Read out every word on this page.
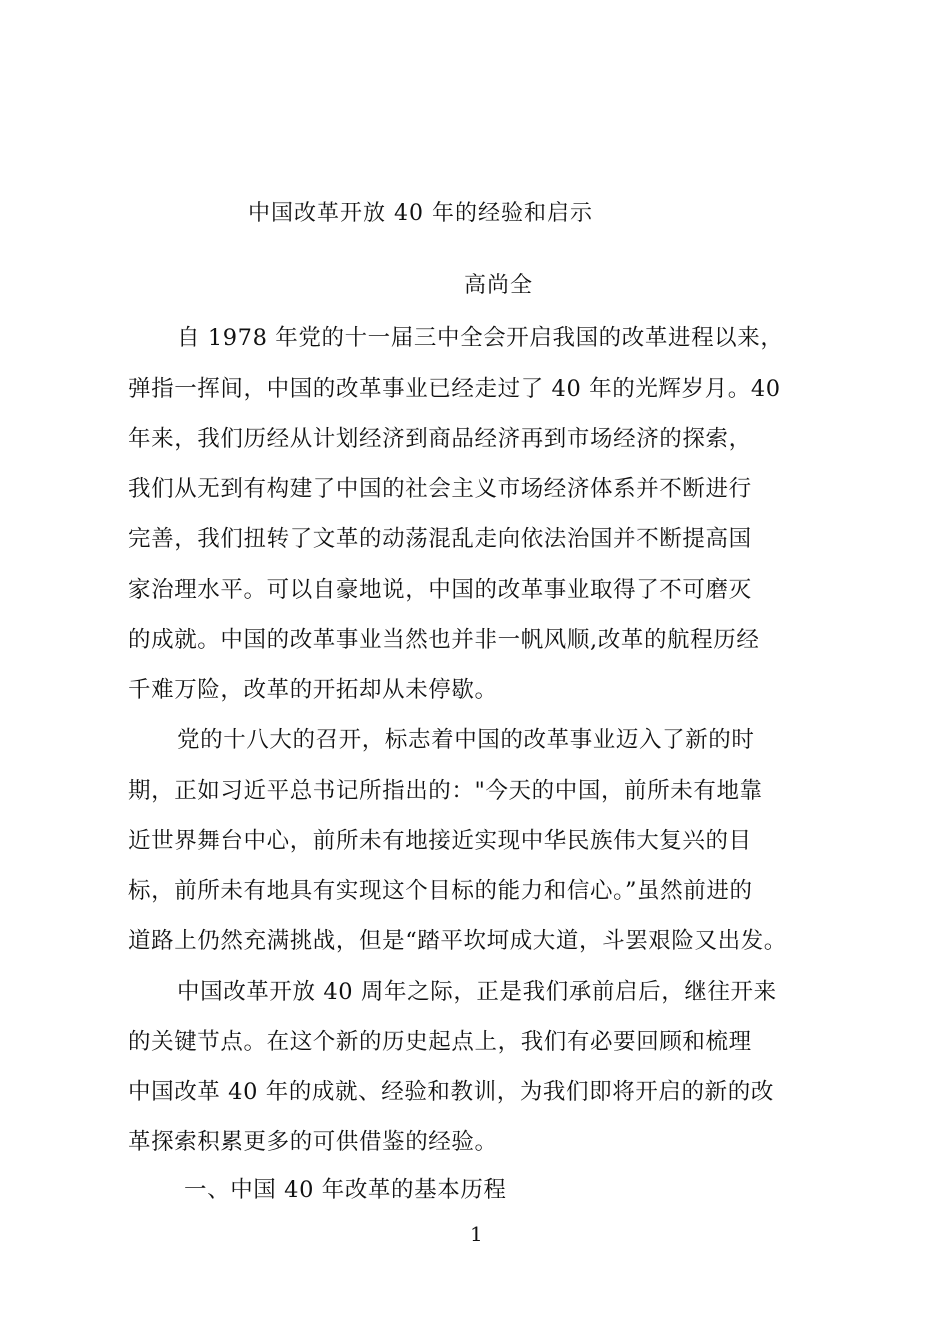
中国改革开放 40 年的经验和启示
高尚全
自 1978 年党的十一届三中全会开启我国的改革进程以来，
弹指一挥间，中国的改革事业已经走过了 40 年的光辉岁月。40
年来，我们历经从计划经济到商品经济再到市场经济的探索，
我们从无到有构建了中国的社会主义市场经济体系并不断进行
完善，我们扭转了文革的动荡混乱走向依法治国并不断提高国
家治理水平。可以自豪地说，中国的改革事业取得了不可磨灭
的成就。中国的改革事业当然也并非一帆风顺,改革的航程历经
千难万险，改革的开拓却从未停歇。
党的十八大的召开，标志着中国的改革事业迈入了新的时
期，正如习近平总书记所指出的："今天的中国，前所未有地靠
近世界舞台中心，前所未有地接近实现中华民族伟大复兴的目
标，前所未有地具有实现这个目标的能力和信心。”虽然前进的
道路上仍然充满挑战，但是“踏平坎坷成大道，斗罢艰险又出发。
中国改革开放 40 周年之际，正是我们承前启后，继往开来
的关键节点。在这个新的历史起点上，我们有必要回顾和梳理
中国改革 40 年的成就、经验和教训，为我们即将开启的新的改
革探索积累更多的可供借鉴的经验。
一、中国 40 年改革的基本历程
1
